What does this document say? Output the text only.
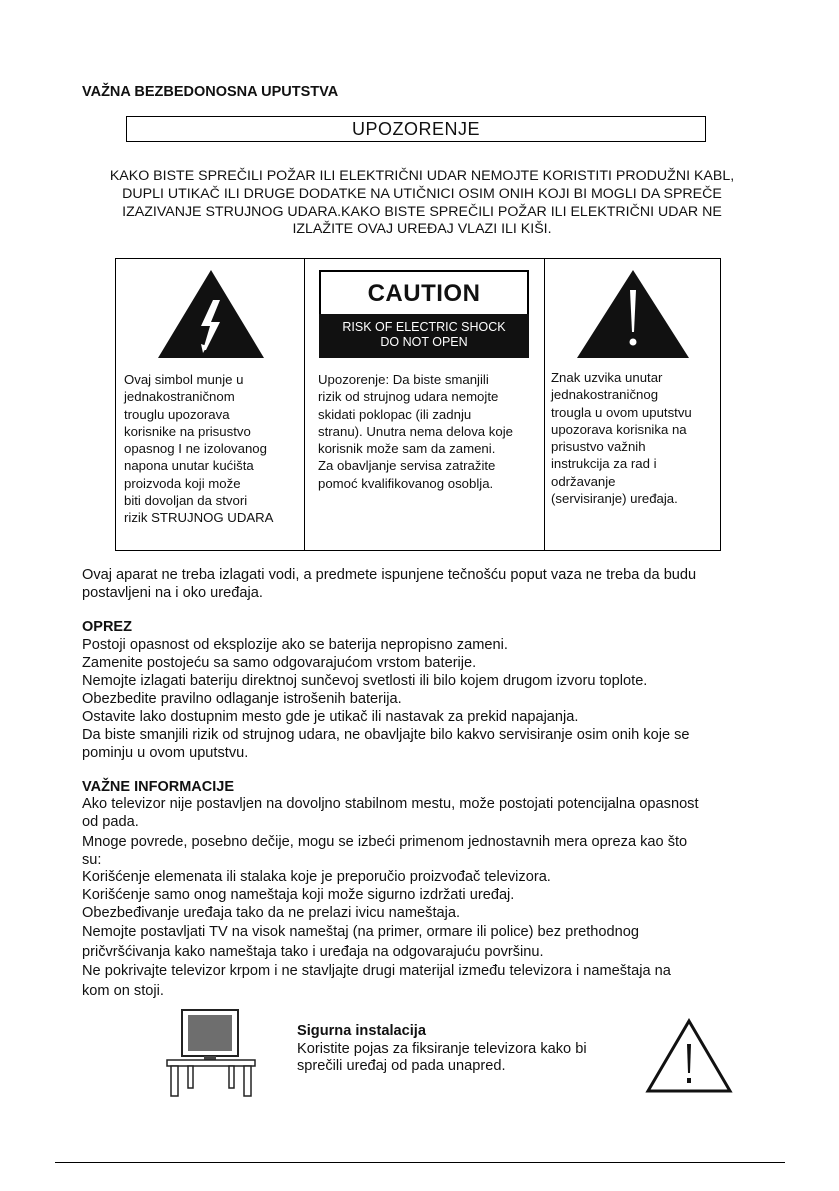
VAŽNA BEZBEDONOSNA UPUTSTVA
UPOZORENJE
KAKO BISTE SPREČILI POŽAR ILI ELEKTRIČNI UDAR NEMOJTE KORISTITI PRODUŽNI KABL,
DUPLI UTIKAČ ILI DRUGE DODATKE NA UTIČNICI OSIM ONIH KOJI BI MOGLI DA SPREČE
IZAZIVANJE STRUJNOG UDARA.KAKO BISTE SPREČILI POŽAR ILI ELEKTRIČNI UDAR NE
IZLAŽITE OVAJ UREĐAJ VLAZI ILI KIŠI.
CAUTION
RISK OF ELECTRIC SHOCK
DO NOT OPEN
Ovaj simbol munje u
jednakostraničnom
trouglu upozorava
korisnike na prisustvo
opasnog I ne izolovanog
napona unutar kućišta
proizvoda koji može
biti dovoljan da stvori
rizik STRUJNOG UDARA
Upozorenje: Da biste smanjili
rizik od strujnog udara nemojte
skidati poklopac (ili zadnju
stranu). Unutra nema delova koje
korisnik može sam da zameni.
Za obavljanje servisa zatražite
pomoć kvalifikovanog osoblja.
Znak uzvika unutar
jednakostraničnog
trougla u ovom uputstvu
upozorava korisnika na
prisustvo važnih
instrukcija za rad i
održavanje
(servisiranje) uređaja.
Ovaj aparat ne treba izlagati vodi, a predmete ispunjene tečnošću poput vaza ne treba da budu
postavljeni na i oko uređaja.
OPREZ
Postoji opasnost od eksplozije ako se baterija nepropisno zameni.
Zamenite postojeću sa samo odgovarajućom vrstom baterije.
Nemojte izlagati bateriju direktnoj sunčevoj svetlosti ili bilo kojem drugom izvoru toplote.
Obezbedite pravilno odlaganje istrošenih baterija.
Ostavite lako dostupnim mesto gde je utikač ili nastavak za prekid napajanja.
Da biste smanjili rizik od strujnog udara, ne obavljajte bilo kakvo servisiranje osim onih koje se
pominju u ovom uputstvu.
VAŽNE INFORMACIJE
Ako televizor nije postavljen na dovoljno stabilnom mestu, može postojati potencijalna opasnost
od pada.
Mnoge povrede, posebno dečije, mogu se izbeći primenom jednostavnih mera opreza kao što
su:
Korišćenje elemenata ili stalaka koje je preporučio proizvođač televizora.
Korišćenje samo onog nameštaja koji može sigurno izdržati uređaj.
Obezbeđivanje uređaja tako da ne prelazi ivicu nameštaja.
Nemojte postavljati TV na visok nameštaj (na primer, ormare ili police) bez prethodnog
pričvršćivanja kako nameštaja tako i uređaja na odgovarajuću površinu.
Ne pokrivajte televizor krpom i ne stavljajte drugi materijal između televizora i nameštaja na
kom on stoji.
Sigurna instalacija
Koristite pojas za fiksiranje televizora kako bi
sprečili uređaj od pada unapred.
